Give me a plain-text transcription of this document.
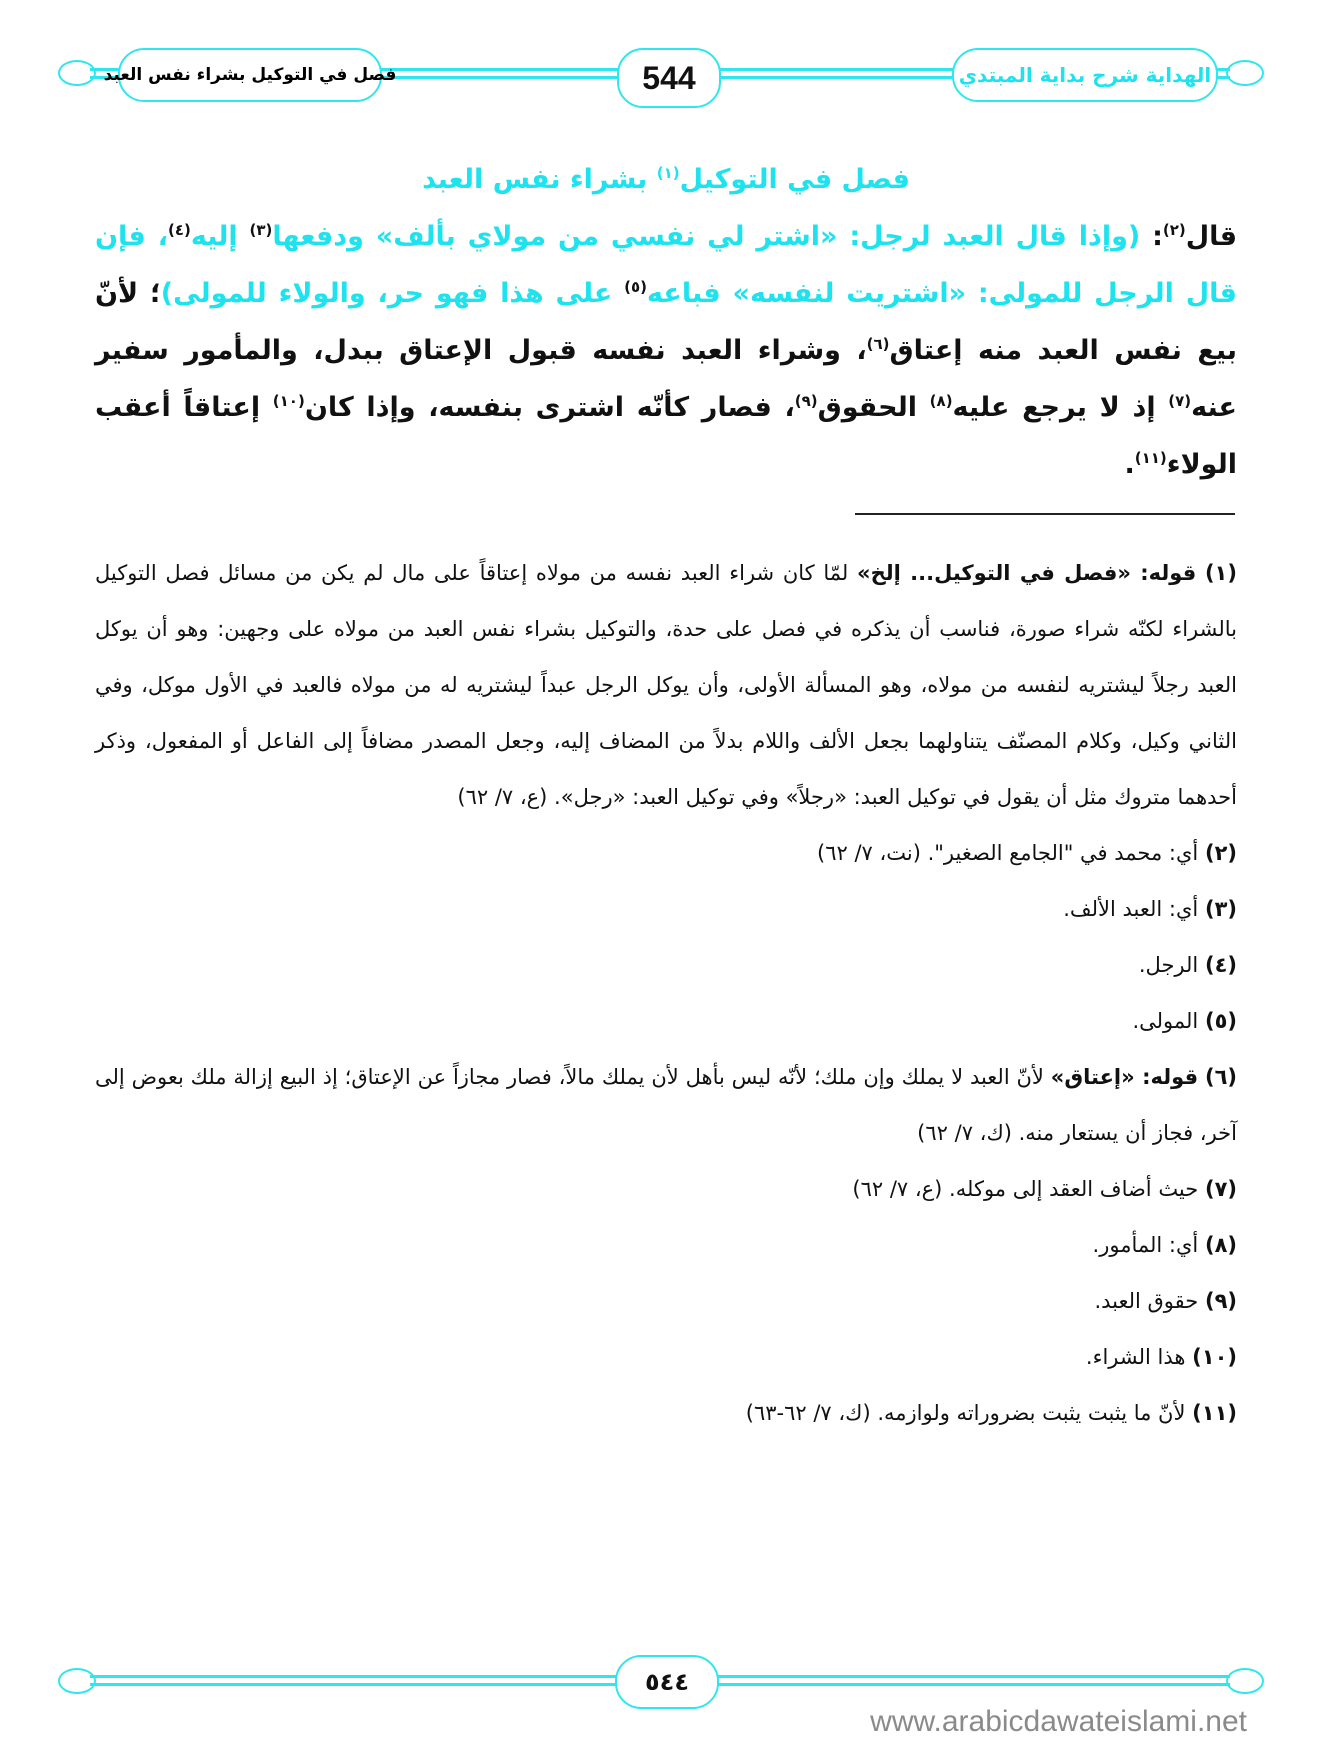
فصل في التوكيل بشراء نفس العبد	544	الهداية شرح بداية المبتدي
فصل في التوكيل$^{(١)}$ بشراء نفس العبد
قال$^{(٢)}$: (وإذا قال العبد لرجل: «اشتر لي نفسي من مولاي بألف» ودفعها$^{(٣)}$ إليه$^{(٤)}$، فإن قال الرجل للمولى: «اشتريت لنفسه» فباعه$^{(٥)}$ على هذا فهو حر، والولاء للمولى)؛ لأنّ بيع نفس العبد منه إعتاق$^{(٦)}$، وشراء العبد نفسه قبول الإعتاق ببدل، والمأمور سفير عنه$^{(٧)}$ إذ لا يرجع عليه$^{(٨)}$ الحقوق$^{(٩)}$، فصار كأنّه اشترى بنفسه، وإذا كان$^{(١٠)}$ إعتاقاً أعقب الولاء$^{(١١)}$.
(١) قوله: «فصل في التوكيل... إلخ» لمّا كان شراء العبد نفسه من مولاه إعتاقاً على مال لم يكن من مسائل فصل التوكيل بالشراء لكنّه شراء صورة، فناسب أن يذكره في فصل على حدة، والتوكيل بشراء نفس العبد من مولاه على وجهين: وهو أن يوكل العبد رجلاً ليشتريه لنفسه من مولاه، وهو المسألة الأولى، وأن يوكل الرجل عبداً ليشتريه له من مولاه فالعبد في الأول موكل، وفي الثاني وكيل، وكلام المصنّف يتناولهما بجعل الألف واللام بدلاً من المضاف إليه، وجعل المصدر مضافاً إلى الفاعل أو المفعول، وذكر أحدهما متروك مثل أن يقول في توكيل العبد: «رجلاً» وفي توكيل العبد: «رجل». (ع، ٧/ ٦٢)
(٢) أي: محمد في "الجامع الصغير". (نت، ٧/ ٦٢)
(٣) أي: العبد الألف.
(٤) الرجل.
(٥) المولى.
(٦) قوله: «إعتاق» لأنّ العبد لا يملك وإن ملك؛ لأنّه ليس بأهل لأن يملك مالاً، فصار مجازاً عن الإعتاق؛ إذ البيع إزالة ملك بعوض إلى آخر، فجاز أن يستعار منه. (ك، ٧/ ٦٢)
(٧) حيث أضاف العقد إلى موكله. (ع، ٧/ ٦٢)
(٨) أي: المأمور.
(٩) حقوق العبد.
(١٠) هذا الشراء.
(١١) لأنّ ما يثبت يثبت بضروراته ولوازمه. (ك، ٧/ ٦٢-٦٣)
٥٤٤
www.arabicdawateislami.net
